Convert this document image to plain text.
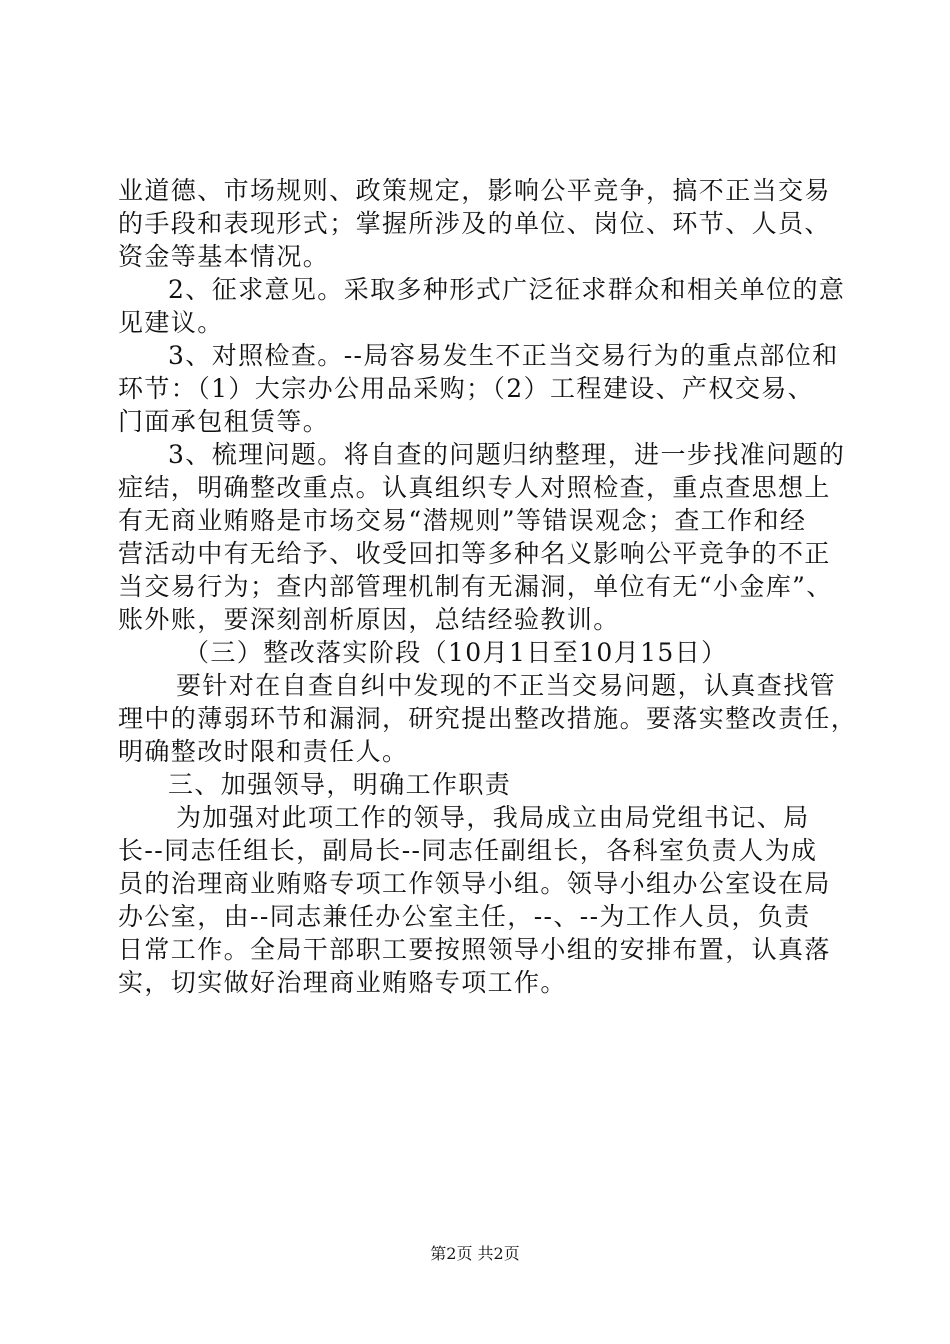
业道德、市场规则、政策规定，影响公平竞争，搞不正当交易
的手段和表现形式；掌握所涉及的单位、岗位、环节、人员、
资金等基本情况。
2、征求意见。采取多种形式广泛征求群众和相关单位的意
见建议。
3、对照检查。--局容易发生不正当交易行为的重点部位和
环节：（1）大宗办公用品采购；（2）工程建设、产权交易、
门面承包租赁等。
3、梳理问题。将自查的问题归纳整理，进一步找准问题的
症结，明确整改重点。认真组织专人对照检查，重点查思想上
有无商业贿赂是市场交易“潜规则”等错误观念；查工作和经
营活动中有无给予、收受回扣等多种名义影响公平竞争的不正
当交易行为；查内部管理机制有无漏洞，单位有无“小金库”、
账外账，要深刻剖析原因，总结经验教训。
（三）整改落实阶段（10月1日至10月15日）
要针对在自查自纠中发现的不正当交易问题，认真查找管
理中的薄弱环节和漏洞，研究提出整改措施。要落实整改责任，
明确整改时限和责任人。
三、加强领导，明确工作职责
为加强对此项工作的领导，我局成立由局党组书记、局
长--同志任组长，副局长--同志任副组长，各科室负责人为成
员的治理商业贿赂专项工作领导小组。领导小组办公室设在局
办公室，由--同志兼任办公室主任，--、--为工作人员，负责
日常工作。全局干部职工要按照领导小组的安排布置，认真落
实，切实做好治理商业贿赂专项工作。
第2页 共2页
